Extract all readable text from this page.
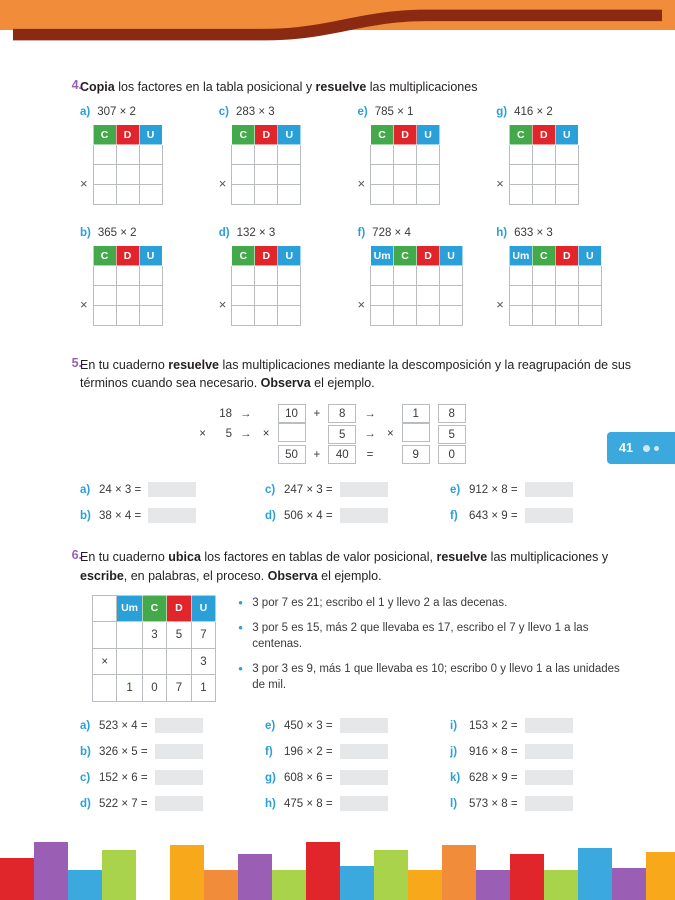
41
4.
Copia los factores en la tabla posicional y resuelve las multiplicaciones
a) 307 × 2
×
C	D	U

c) 283 × 3
×
C	D	U

e) 785 × 1
×
C	D	U

g) 416 × 2
×
C	D	U

b) 365 × 2
×
C	D	U

d) 132 × 3
×
C	D	U

f) 728 × 4
×
Um	C	D	U

h) 633 × 3
×
Um	C	D	U

5.
En tu cuaderno resuelve las multiplicaciones mediante la descomposición y la reagrupación de sus términos cuando sea necesario. Observa el ejemplo.
	18	→		10	+	8	→		1	8
×	5	→	×			5	→	×		5
				50	+	40	=		9	0
a) 24 × 3 =	c) 247 × 3 =	e) 912 × 8 =
b) 38 × 4 =	d) 506 × 4 =	f) 643 × 9 =
6.
En tu cuaderno ubica los factores en tablas de valor posicional, resuelve las multiplicaciones y escribe, en palabras, el proceso. Observa el ejemplo.
	Um	C	D	U
		3	5	7
×				3
	1	0	7	1
• 3 por 7 es 21; escribo el 1 y llevo 2 a las decenas.
• 3 por 5 es 15, más 2 que llevaba es 17, escribo el 7 y llevo 1 a las centenas.
• 3 por 3 es 9, más 1 que llevaba es 10; escribo 0 y llevo 1 a las unidades de mil.
a) 523 × 4 =	e) 450 × 3 =	i)	153 × 2 =
b) 326 × 5 =	f) 196 × 2 =	j)	916 × 8 =
c) 152 × 6 =	g) 608 × 6 =	k) 628 × 9 =
d) 522 × 7 =	h) 475 × 8 =	l)	573 × 8 =
